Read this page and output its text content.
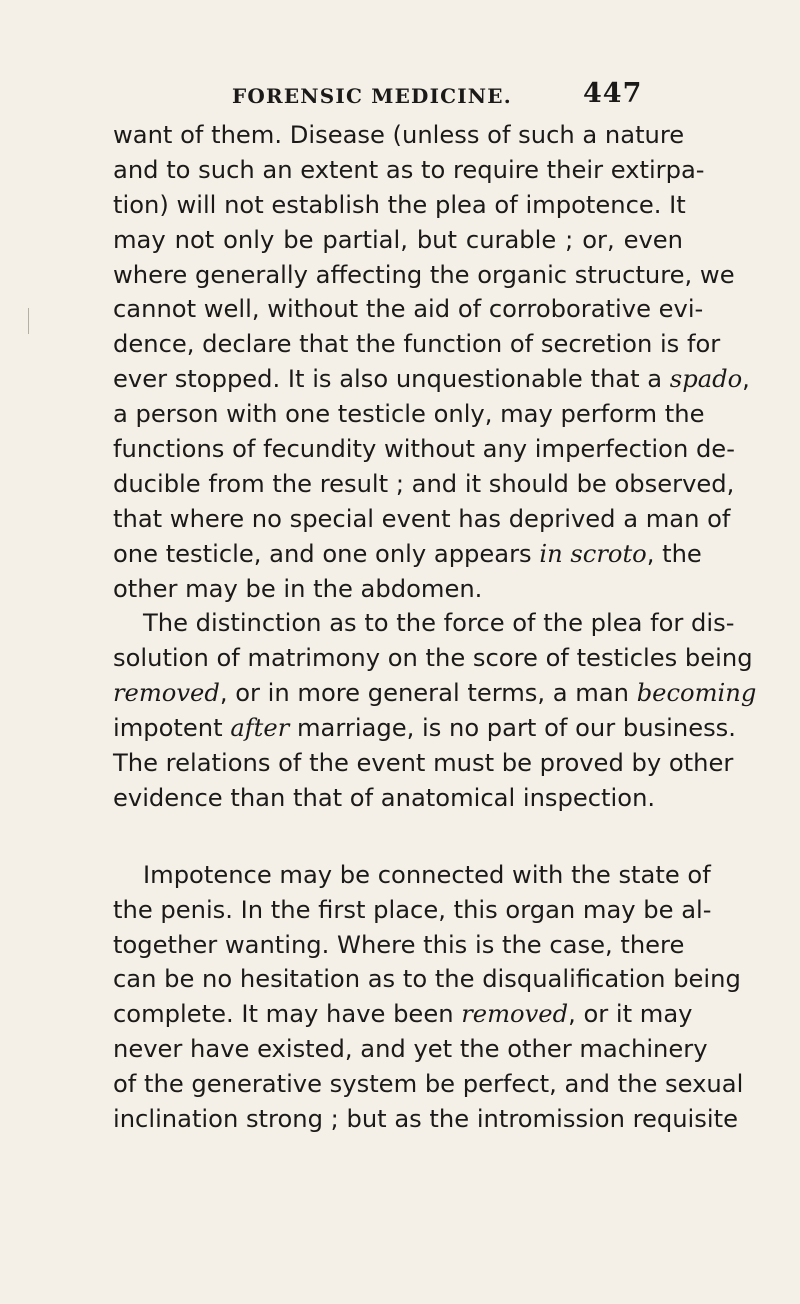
FORENSIC MEDICINE.	447
want of them. Disease (unless of such a nature
and to such an extent as to require their extirpa-
tion) will not establish the plea of impotence. It
may not only be partial, but curable ; or, even
where generally affecting the organic structure, we
cannot well, without the aid of corroborative evi-
dence, declare that the function of secretion is for
ever stopped. It is also unquestionable that a spado,
a person with one testicle only, may perform the
functions of fecundity without any imperfection de-
ducible from the result ; and it should be observed,
that where no special event has deprived a man of
one testicle, and one only appears in scroto, the
other may be in the abdomen.
The distinction as to the force of the plea for dis-
solution of matrimony on the score of testicles being
removed, or in more general terms, a man becoming
impotent after marriage, is no part of our business.
The relations of the event must be proved by other
evidence than that of anatomical inspection.
Impotence may be connected with the state of
the penis. In the first place, this organ may be al-
together wanting. Where this is the case, there
can be no hesitation as to the disqualification being
complete. It may have been removed, or it may
never have existed, and yet the other machinery
of the generative system be perfect, and the sexual
inclination strong ; but as the intromission requisite
